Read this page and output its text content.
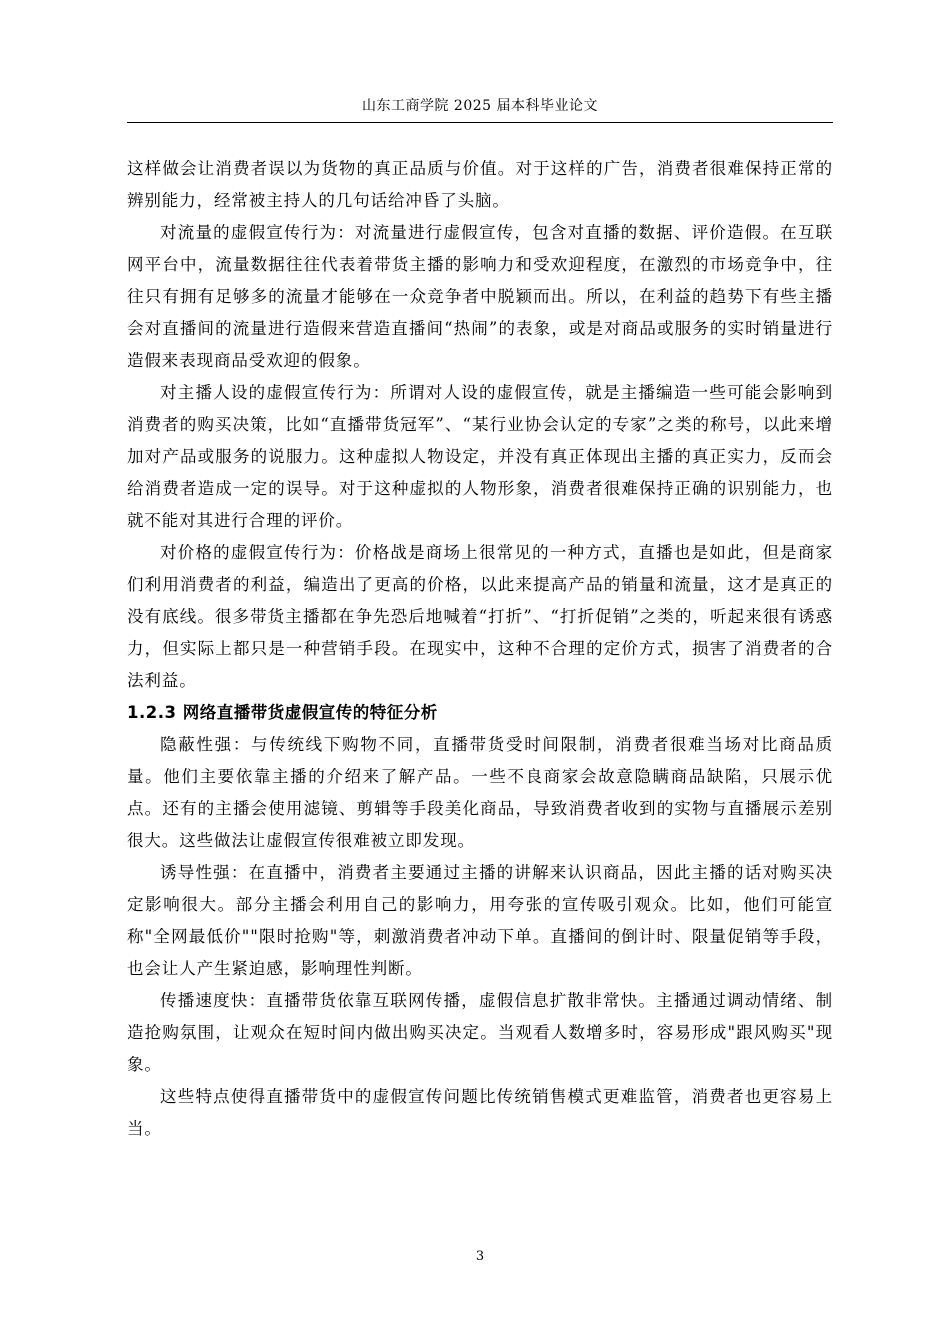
山东工商学院 2025 届本科毕业论文

这样做会让消费者误以为货物的真正品质与价值。对于这样的广告，消费者很难保持正常的辨别能力，经常被主持人的几句话给冲昏了头脑。

对流量的虚假宣传行为：对流量进行虚假宣传，包含对直播的数据、评价造假。在互联网平台中，流量数据往往代表着带货主播的影响力和受欢迎程度，在激烈的市场竞争中，往往只有拥有足够多的流量才能够在一众竞争者中脱颖而出。所以，在利益的趋势下有些主播会对直播间的流量进行造假来营造直播间“热闹”的表象，或是对商品或服务的实时销量进行造假来表现商品受欢迎的假象。

对主播人设的虚假宣传行为：所谓对人设的虚假宣传，就是主播编造一些可能会影响到消费者的购买决策，比如“直播带货冠军”、“某行业协会认定的专家”之类的称号，以此来增加对产品或服务的说服力。这种虚拟人物设定，并没有真正体现出主播的真正实力，反而会给消费者造成一定的误导。对于这种虚拟的人物形象，消费者很难保持正确的识别能力，也就不能对其进行合理的评价。

对价格的虚假宣传行为：价格战是商场上很常见的一种方式，直播也是如此，但是商家们利用消费者的利益，编造出了更高的价格，以此来提高产品的销量和流量，这才是真正的没有底线。很多带货主播都在争先恐后地喊着“打折”、“打折促销”之类的，听起来很有诱惑力，但实际上都只是一种营销手段。在现实中，这种不合理的定价方式，损害了消费者的合法利益。

1.2.3 网络直播带货虚假宣传的特征分析

隐蔽性强：与传统线下购物不同，直播带货受时间限制，消费者很难当场对比商品质量。他们主要依靠主播的介绍来了解产品。一些不良商家会故意隐瞒商品缺陷，只展示优点。还有的主播会使用滤镜、剪辑等手段美化商品，导致消费者收到的实物与直播展示差别很大。这些做法让虚假宣传很难被立即发现。

诱导性强：在直播中，消费者主要通过主播的讲解来认识商品，因此主播的话对购买决定影响很大。部分主播会利用自己的影响力，用夸张的宣传吸引观众。比如，他们可能宣称"全网最低价""限时抢购"等，刺激消费者冲动下单。直播间的倒计时、限量促销等手段，也会让人产生紧迫感，影响理性判断。

传播速度快：直播带货依靠互联网传播，虚假信息扩散非常快。主播通过调动情绪、制造抢购氛围，让观众在短时间内做出购买决定。当观看人数增多时，容易形成"跟风购买"现象。

这些特点使得直播带货中的虚假宣传问题比传统销售模式更难监管，消费者也更容易上当。

3
